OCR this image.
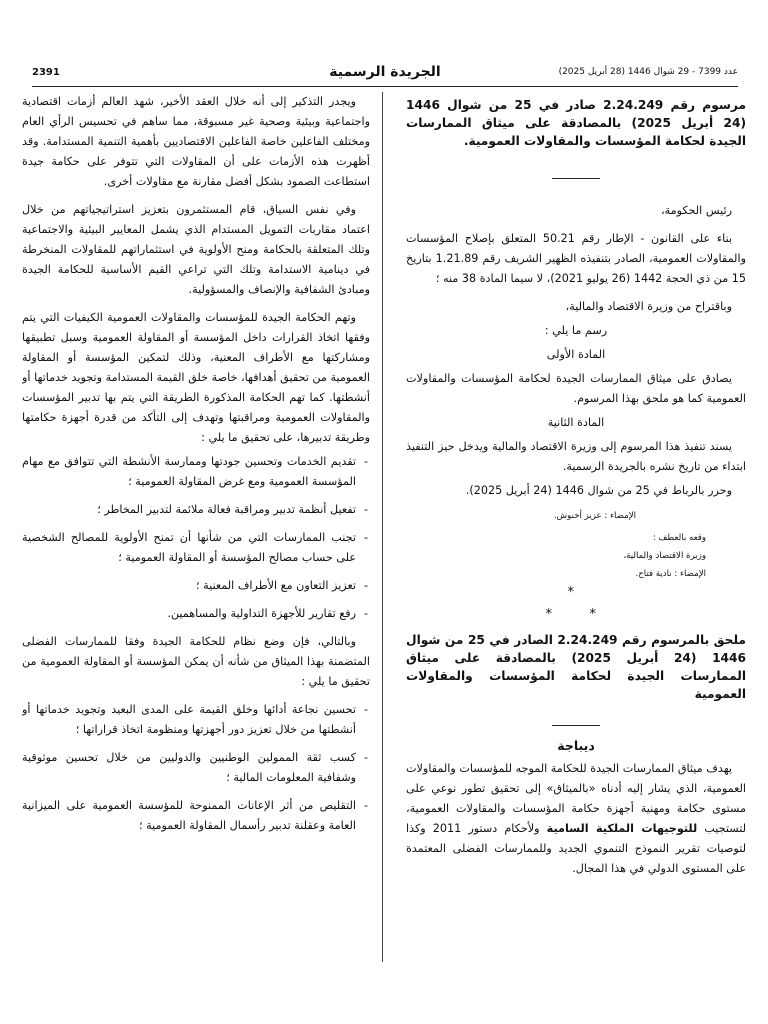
2391	الجريدة الرسمية	عدد 7399 - 29 شوال 1446 (28 أبريل 2025)

مرسوم رقم 2.24.249 صادر في 25 من شوال 1446 (24 أبريل 2025) بالمصادقة على ميثاق الممارسات الجيدة لحكامة المؤسسات والمقاولات العمومية.

رئيس الحكومة،

بناء على القانون - الإطار رقم 50.21 المتعلق بإصلاح المؤسسات والمقاولات العمومية، الصادر بتنفيذه الظهير الشريف رقم 1.21.89 بتاريخ 15 من ذي الحجة 1442 (26 يوليو 2021)، لا سيما المادة 38 منه ؛

وباقتراح من وزيرة الاقتصاد والمالية،

رسم ما يلي :

المادة الأولى

يصادق على ميثاق الممارسات الجيدة لحكامة المؤسسات والمقاولات العمومية كما هو ملحق بهذا المرسوم.

المادة الثانية

يسند تنفيذ هذا المرسوم إلى وزيرة الاقتصاد والمالية ويدخل حيز التنفيذ ابتداء من تاريخ نشره بالجريدة الرسمية.

وحرر بالرباط في 25 من شوال 1446 (24 أبريل 2025).

الإمضاء : عزيز أخنوش.

وقعه بالعطف :

وزيرة الاقتصاد والمالية،

الإمضاء : نادية فتاح.

*
*	*

ملحق بالمرسوم رقم 2.24.249 الصادر في 25 من شوال 1446 (24 أبريل 2025) بالمصادقة على ميثاق الممارسات الجيدة لحكامة المؤسسات والمقاولات العمومية

ديباجة

يهدف ميثاق الممارسات الجيدة للحكامة الموجه للمؤسسات والمقاولات العمومية، الذي يشار إليه أدناه «بالميثاق» إلى تحقيق تطور نوعي على مستوى حكامة ومهنية أجهزة حكامة المؤسسات والمقاولات العمومية، لتستجيب للتوجيهات الملكية السامية ولأحكام دستور 2011 وكذا لتوصيات تقرير النموذج التنموي الجديد وللممارسات الفضلى المعتمدة على المستوى الدولي في هذا المجال.

ويجدر التذكير إلى أنه خلال العقد الأخير، شهد العالم أزمات اقتصادية واجتماعية وبيئية وصحية غير مسبوقة، مما ساهم في تحسيس الرأي العام ومختلف الفاعلين خاصة الفاعلين الاقتصاديين بأهمية التنمية المستدامة. وقد أظهرت هذه الأزمات على أن المقاولات التي تتوفر على حكامة جيدة استطاعت الصمود بشكل أفضل مقارنة مع مقاولات أخرى.

وفي نفس السياق، قام المستثمرون بتعزيز استراتيجياتهم من خلال اعتماد مقاربات التمويل المستدام الذي يشمل المعايير البيئية والاجتماعية وتلك المتعلقة بالحكامة ومنح الأولوية في استثماراتهم للمقاولات المنخرطة في دينامية الاستدامة وتلك التي تراعي القيم الأساسية للحكامة الجيدة ومبادئ الشفافية والإنصاف والمسؤولية.

وتهم الحكامة الجيدة للمؤسسات والمقاولات العمومية الكيفيات التي يتم وفقها اتخاذ القرارات داخل المؤسسة أو المقاولة العمومية وسبل تطبيقها ومشاركتها مع الأطراف المعنية، وذلك لتمكين المؤسسة أو المقاولة العمومية من تحقيق أهدافها، خاصة خلق القيمة المستدامة وتجويد خدماتها أو أنشطتها. كما تهم الحكامة المذكورة الطريقة التي يتم بها تدبير المؤسسات والمقاولات العمومية ومراقبتها وتهدف إلى التأكد من قدرة أجهزة حكامتها وطريقة تدبيرها، على تحقيق ما يلي :

- تقديم الخدمات وتحسين جودتها وممارسة الأنشطة التي تتوافق مع مهام المؤسسة العمومية ومع غرض المقاولة العمومية ؛
- تفعيل أنظمة تدبير ومراقبة فعالة ملائمة لتدبير المخاطر ؛
- تجنب الممارسات التي من شأنها أن تمنح الأولوية للمصالح الشخصية على حساب مصالح المؤسسة أو المقاولة العمومية ؛
- تعزيز التعاون مع الأطراف المعنية ؛
- رفع تقارير للأجهزة التداولية والمساهمين.

وبالتالي، فإن وضع نظام للحكامة الجيدة وفقا للممارسات الفضلى المتضمنة بهذا الميثاق من شأنه أن يمكن المؤسسة أو المقاولة العمومية من تحقيق ما يلي :

- تحسين نجاعة أدائها وخلق القيمة على المدى البعيد وتجويد خدماتها أو أنشطتها من خلال تعزيز دور أجهزتها ومنظومة اتخاذ قراراتها ؛
- كسب ثقة الممولين الوطنيين والدوليين من خلال تحسين موثوقية وشفافية المعلومات المالية ؛
- التقليص من أثر الإعانات الممنوحة للمؤسسة العمومية على الميزانية العامة وعقلنة تدبير رأسمال المقاولة العمومية ؛
